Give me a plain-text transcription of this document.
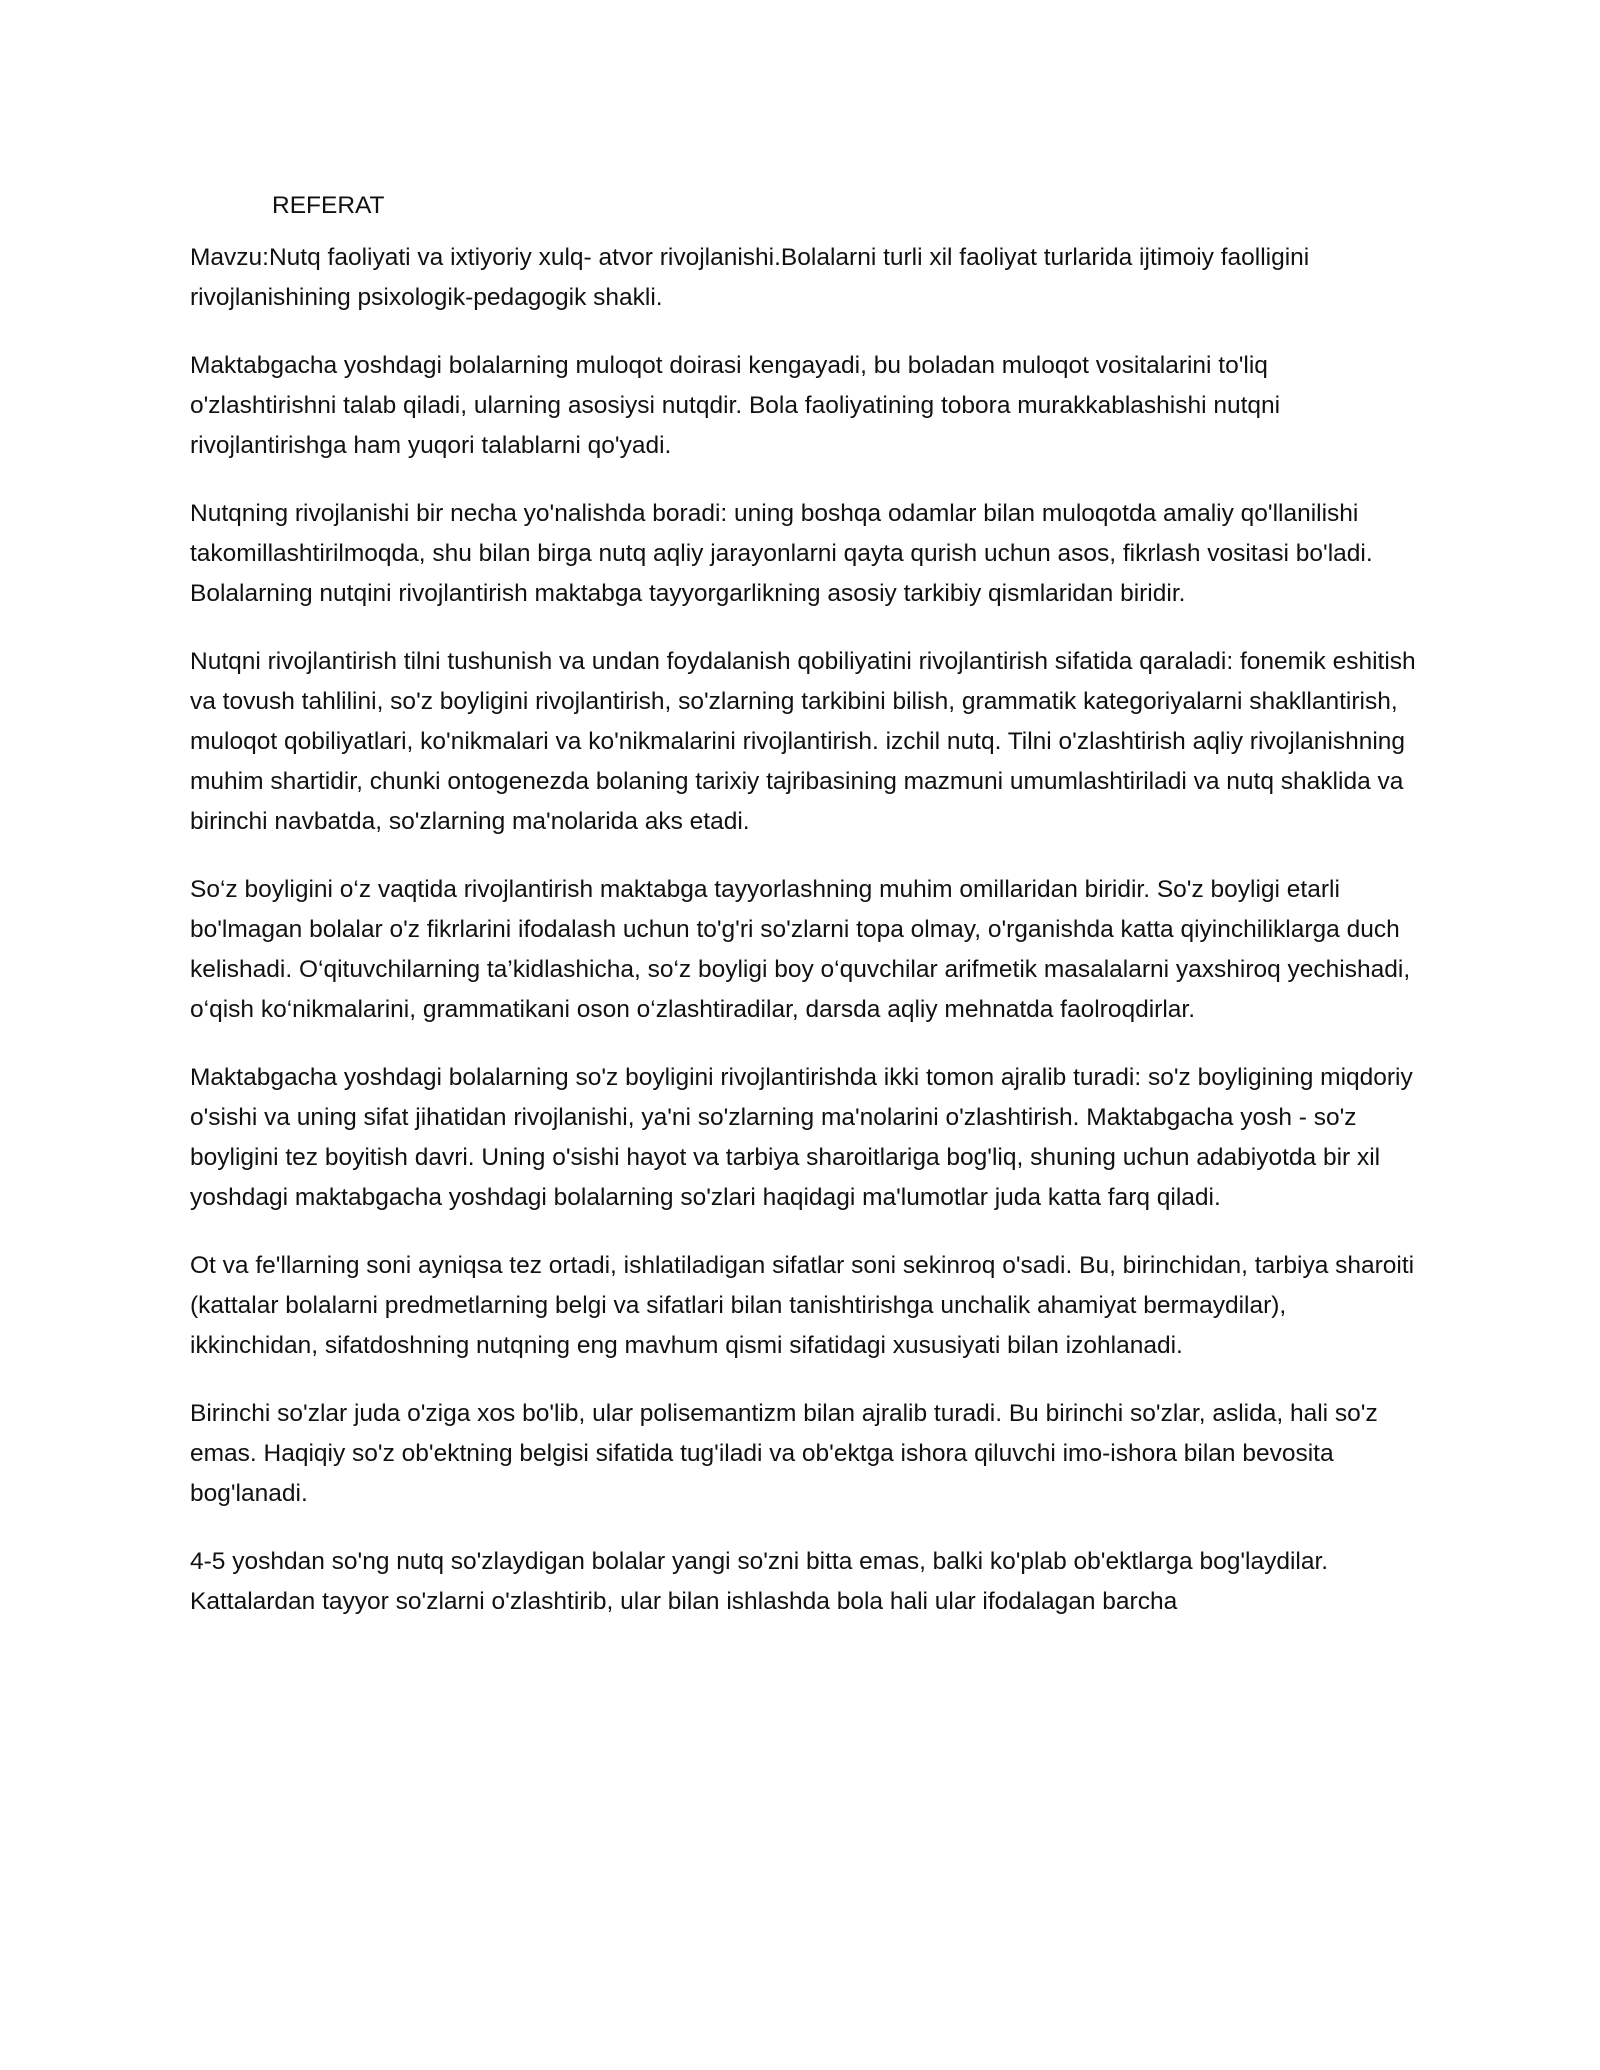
REFERAT

Mavzu:Nutq faoliyati va ixtiyoriy xulq- atvor rivojlanishi.Bolalarni turli xil faoliyat turlarida ijtimoiy faolligini rivojlanishining psixologik-pedagogik shakli.

Maktabgacha yoshdagi bolalarning muloqot doirasi kengayadi, bu boladan muloqot vositalarini to'liq o'zlashtirishni talab qiladi, ularning asosiysi nutqdir. Bola faoliyatining tobora murakkablashishi nutqni rivojlantirishga ham yuqori talablarni qo'yadi.

Nutqning rivojlanishi bir necha yo'nalishda boradi: uning boshqa odamlar bilan muloqotda amaliy qo'llanilishi takomillashtirilmoqda, shu bilan birga nutq aqliy jarayonlarni qayta qurish uchun asos, fikrlash vositasi bo'ladi. Bolalarning nutqini rivojlantirish maktabga tayyorgarlikning asosiy tarkibiy qismlaridan biridir.

Nutqni rivojlantirish tilni tushunish va undan foydalanish qobiliyatini rivojlantirish sifatida qaraladi: fonemik eshitish va tovush tahlilini, so'z boyligini rivojlantirish, so'zlarning tarkibini bilish, grammatik kategoriyalarni shakllantirish, muloqot qobiliyatlari, ko'nikmalari va ko'nikmalarini rivojlantirish. izchil nutq. Tilni o'zlashtirish aqliy rivojlanishning muhim shartidir, chunki ontogenezda bolaning tarixiy tajribasining mazmuni umumlashtiriladi va nutq shaklida va birinchi navbatda, so'zlarning ma'nolarida aks etadi.

So‘z boyligini o‘z vaqtida rivojlantirish maktabga tayyorlashning muhim omillaridan biridir. So'z boyligi etarli bo'lmagan bolalar o'z fikrlarini ifodalash uchun to'g'ri so'zlarni topa olmay, o'rganishda katta qiyinchiliklarga duch kelishadi. O‘qituvchilarning ta’kidlashicha, so‘z boyligi boy o‘quvchilar arifmetik masalalarni yaxshiroq yechishadi, o‘qish ko‘nikmalarini, grammatikani oson o‘zlashtiradilar, darsda aqliy mehnatda faolroqdirlar.

Maktabgacha yoshdagi bolalarning so'z boyligini rivojlantirishda ikki tomon ajralib turadi: so'z boyligining miqdoriy o'sishi va uning sifat jihatidan rivojlanishi, ya'ni so'zlarning ma'nolarini o'zlashtirish. Maktabgacha yosh - so'z boyligini tez boyitish davri. Uning o'sishi hayot va tarbiya sharoitlariga bog'liq, shuning uchun adabiyotda bir xil yoshdagi maktabgacha yoshdagi bolalarning so'zlari haqidagi ma'lumotlar juda katta farq qiladi.

Ot va fe'llarning soni ayniqsa tez ortadi, ishlatiladigan sifatlar soni sekinroq o'sadi. Bu, birinchidan, tarbiya sharoiti (kattalar bolalarni predmetlarning belgi va sifatlari bilan tanishtirishga unchalik ahamiyat bermaydilar), ikkinchidan, sifatdoshning nutqning eng mavhum qismi sifatidagi xususiyati bilan izohlanadi.

Birinchi so'zlar juda o'ziga xos bo'lib, ular polisemantizm bilan ajralib turadi. Bu birinchi so'zlar, aslida, hali so'z emas. Haqiqiy so'z ob'ektning belgisi sifatida tug'iladi va ob'ektga ishora qiluvchi imo-ishora bilan bevosita bog'lanadi.

4-5 yoshdan so'ng nutq so'zlaydigan bolalar yangi so'zni bitta emas, balki ko'plab ob'ektlarga bog'laydilar. Kattalardan tayyor so'zlarni o'zlashtirib, ular bilan ishlashda bola hali ular ifodalagan barcha
